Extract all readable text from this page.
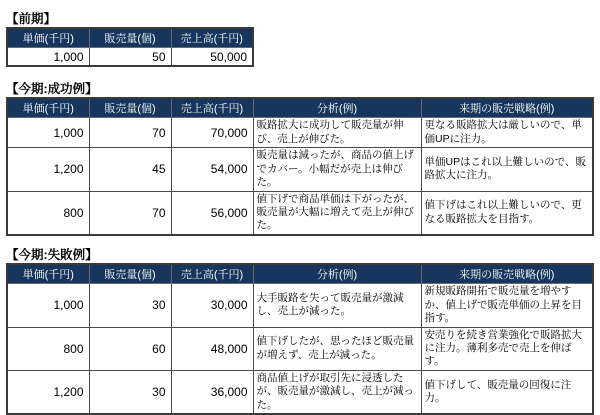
【前期】
単価(千円)	販売量(個)	売上高(千円)
1,000	50	50,000
【今期:成功例】
単価(千円)	販売量(個)	売上高(千円)	分析(例)	来期の販売戦略(例)
1,000	70	70,000	販路拡大に成功して販売量が伸び、売上が伸びた。	更なる販路拡大は厳しいので、単価UPに注力。
1,200	45	54,000	販売量は減ったが、商品の値上げでカバー。小幅だが売上は伸びた。	単価UPはこれ以上難しいので、販路拡大に注力。
800	70	56,000	値下げで商品単価は下がったが、販売量が大幅に増えて売上が伸びた。	値下げはこれ以上難しいので、更なる販路拡大を目指す。
【今期:失敗例】
単価(千円)	販売量(個)	売上高(千円)	分析(例)	来期の販売戦略(例)
1,000	30	30,000	大手販路を失って販売量が激減し、売上が減った。	新規販路開拓で販売量を増やすか、値上げで販売単価の上昇を目指す。
800	60	48,000	値下げしたが、思ったほど販売量が増えず、売上が減った。	安売りを続き営業強化で販路拡大に注力。薄利多売で売上を伸ばす。
1,200	30	36,000	商品値上げが取引先に浸透したが、販売量が激減し、売上が減った。	値下げして、販売量の回復に注力。
